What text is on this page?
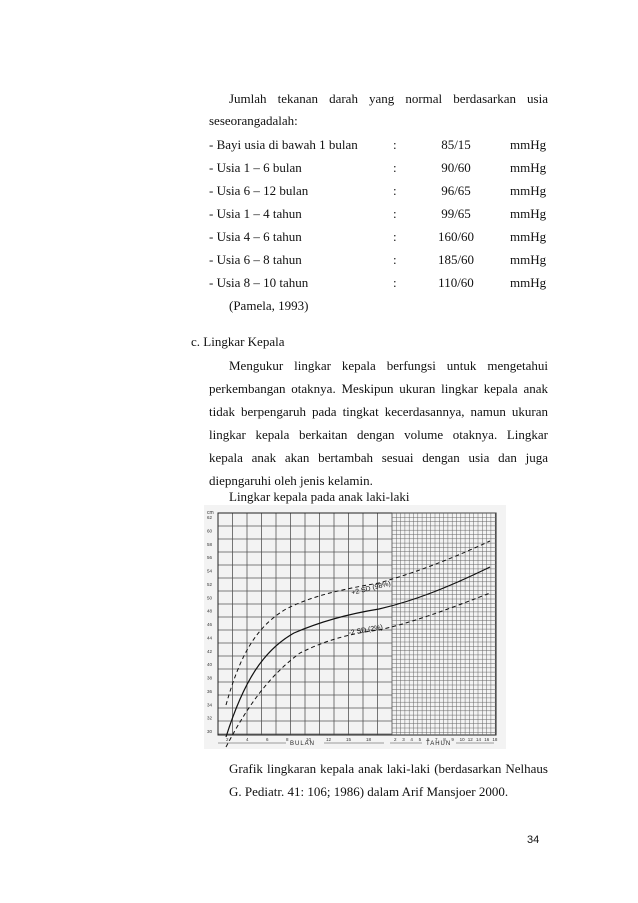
Jumlah tekanan darah yang normal berdasarkan usia
seseorangadalah:
- Bayi usia di bawah 1 bulan	:	85/15	mmHg
- Usia 1 – 6 bulan	:	90/60	mmHg
- Usia 6 – 12 bulan	:	96/65	mmHg
- Usia 1 – 4 tahun	:	99/65	mmHg
- Usia 4 – 6 tahun	:	160/60	mmHg
- Usia 6 – 8 tahun	:	185/60	mmHg
- Usia 8 – 10 tahun	:	110/60	mmHg
(Pamela, 1993)
c. Lingkar Kepala
Mengukur lingkar kepala berfungsi untuk mengetahui
perkembangan otaknya. Meskipun ukuran lingkar kepala anak
tidak berpengaruh pada tingkat kecerdasannya, namun ukuran
lingkar kepala berkaitan dengan volume otaknya. Lingkar
kepala anak akan bertambah sesuai dengan usia dan juga
diepngaruhi oleh jenis kelamin.
Lingkar kepala pada anak laki-laki
62
60
58
56
54
52
50
48
46
44
42
40
38
36
34
32
30
2	4	6	8	10	12	15	18	2 3 4 5 6 7 8 9 10 12 14 16 18
cm
+2 SD (98%)
-2 SD (2%)
BULAN	TAHUN
Grafik lingkaran kepala anak laki-laki (berdasarkan Nelhaus
G. Pediatr. 41: 106; 1986) dalam Arif Mansjoer 2000.
34
